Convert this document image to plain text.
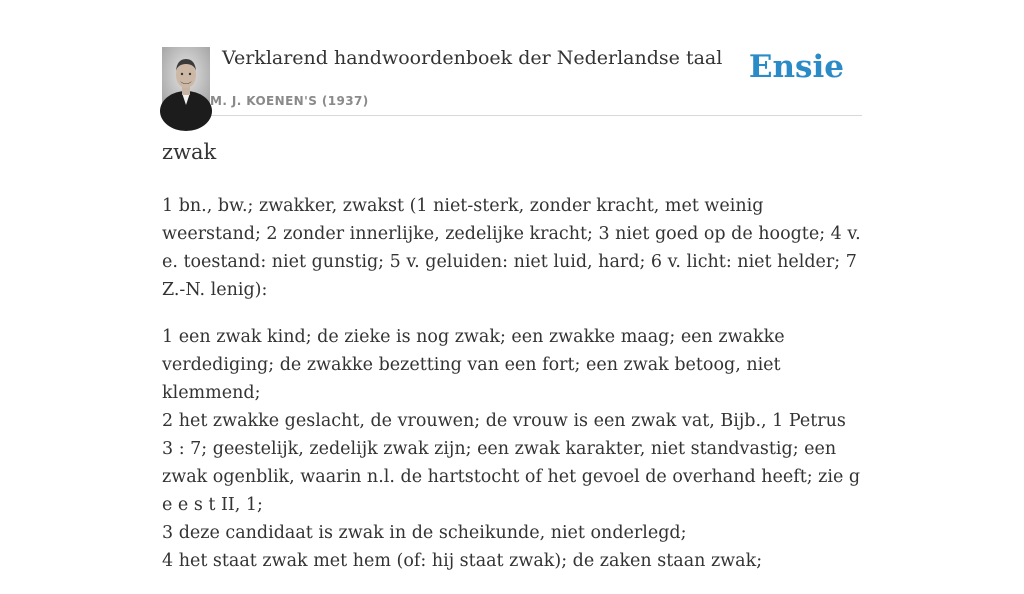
Verklarend handwoordenboek der Nederlandse taal
M. J. KOENEN'S (1937)
Ensie
zwak

1 bn., bw.; zwakker, zwakst (1 niet-sterk, zonder kracht, met weinig weerstand; 2 zonder innerlijke, zedelijke kracht; 3 niet goed op de hoogte; 4 v. e. toestand: niet gunstig; 5 v. geluiden: niet luid, hard; 6 v. licht: niet helder; 7 Z.-N. lenig):

1 een zwak kind; de zieke is nog zwak; een zwakke maag; een zwakke verdediging; de zwakke bezetting van een fort; een zwak betoog, niet klemmend;
2 het zwakke geslacht, de vrouwen; de vrouw is een zwak vat, Bijb., 1 Petrus 3 : 7; geestelijk, zedelijk zwak zijn; een zwak karakter, niet standvastig; een zwak ogenblik, waarin n.l. de hartstocht of het gevoel de overhand heeft; zie g e e s t II, 1;
3 deze candidaat is zwak in de scheikunde, niet onderlegd;
4 het staat zwak met hem (of: hij staat zwak); de zaken staan zwak;
